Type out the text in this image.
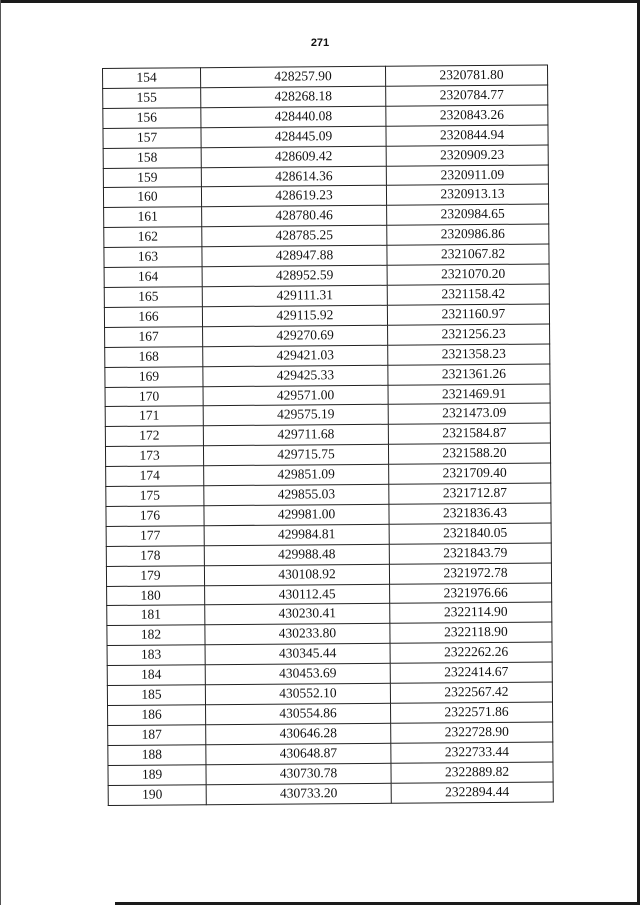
271
154	428257.90	2320781.80
155	428268.18	2320784.77
156	428440.08	2320843.26
157	428445.09	2320844.94
158	428609.42	2320909.23
159	428614.36	2320911.09
160	428619.23	2320913.13
161	428780.46	2320984.65
162	428785.25	2320986.86
163	428947.88	2321067.82
164	428952.59	2321070.20
165	429111.31	2321158.42
166	429115.92	2321160.97
167	429270.69	2321256.23
168	429421.03	2321358.23
169	429425.33	2321361.26
170	429571.00	2321469.91
171	429575.19	2321473.09
172	429711.68	2321584.87
173	429715.75	2321588.20
174	429851.09	2321709.40
175	429855.03	2321712.87
176	429981.00	2321836.43
177	429984.81	2321840.05
178	429988.48	2321843.79
179	430108.92	2321972.78
180	430112.45	2321976.66
181	430230.41	2322114.90
182	430233.80	2322118.90
183	430345.44	2322262.26
184	430453.69	2322414.67
185	430552.10	2322567.42
186	430554.86	2322571.86
187	430646.28	2322728.90
188	430648.87	2322733.44
189	430730.78	2322889.82
190	430733.20	2322894.44
